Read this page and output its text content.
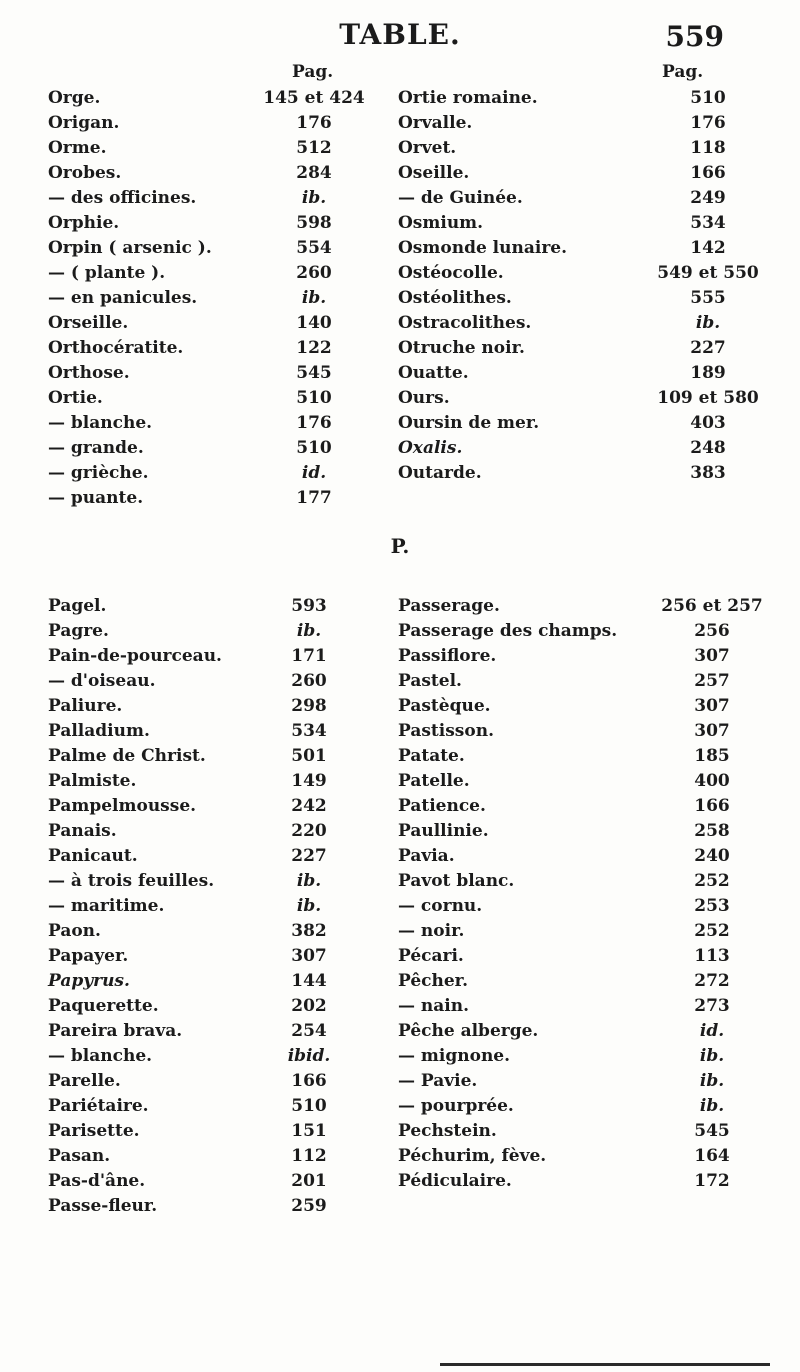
TABLE.	559
Pag.	Pag.
Orge.	145 et 424
Origan.	176
Orme.	512
Orobes.	284
— des officines.	ib.
Orphie.	598
Orpin ( arsenic ).	554
— ( plante ).	260
— en panicules.	ib.
Orseille.	140
Orthocératite.	122
Orthose.	545
Ortie.	510
— blanche.	176
— grande.	510
— grièche.	id.
— puante.	177
Ortie romaine.	510
Orvalle.	176
Orvet.	118
Oseille.	166
— de Guinée.	249
Osmium.	534
Osmonde lunaire.	142
Ostéocolle.	549 et 550
Ostéolithes.	555
Ostracolithes.	ib.
Otruche noir.	227
Ouatte.	189
Ours.	109 et 580
Oursin de mer.	403
Oxalis.	248
Outarde.	383
P.
Pagel.	593
Pagre.	ib.
Pain-de-pourceau.	171
— d'oiseau.	260
Paliure.	298
Palladium.	534
Palme de Christ.	501
Palmiste.	149
Pampelmousse.	242
Panais.	220
Panicaut.	227
— à trois feuilles.	ib.
— maritime.	ib.
Paon.	382
Papayer.	307
Papyrus.	144
Paquerette.	202
Pareira brava.	254
— blanche.	ibid.
Parelle.	166
Pariétaire.	510
Parisette.	151
Pasan.	112
Pas-d'âne.	201
Passe-fleur.	259
Passerage.	256 et 257
Passerage des champs.	256
Passiflore.	307
Pastel.	257
Pastèque.	307
Pastisson.	307
Patate.	185
Patelle.	400
Patience.	166
Paullinie.	258
Pavia.	240
Pavot blanc.	252
— cornu.	253
— noir.	252
Pécari.	113
Pêcher.	272
— nain.	273
Pêche alberge.	id.
— mignone.	ib.
— Pavie.	ib.
— pourprée.	ib.
Pechstein.	545
Péchurim, fève.	164
Pédiculaire.	172
